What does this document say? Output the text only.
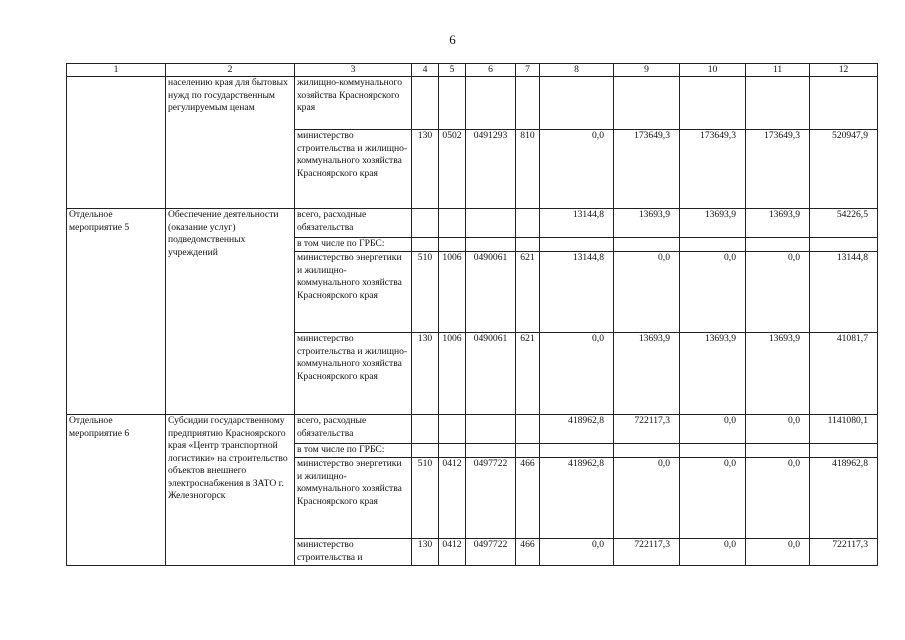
6
1	2	3	4	5	6	7	8	9	10	11	12
	населению края для бытовых нужд по государственным регулируемым ценам	жилищно-коммунального хозяйства Красноярского края									
		министерство строительства и жилищно-коммунального хозяйства Красноярского края	130	0502	0491293	810	0,0	173649,3	173649,3	173649,3	520947,9
Отдельное мероприятие 5	Обеспечение деятельности (оказание услуг) подведомственных учреждений	всего, расходные обязательства					13144,8	13693,9	13693,9	13693,9	54226,5
		в том числе по ГРБС:									
		министерство энергетики и жилищно-коммунального хозяйства Красноярского края	510	1006	0490061	621	13144,8	0,0	0,0	0,0	13144,8
		министерство строительства и жилищно-коммунального хозяйства Красноярского края	130	1006	0490061	621	0,0	13693,9	13693,9	13693,9	41081,7
Отдельное мероприятие 6	Субсидии государственному предприятию Красноярского края «Центр транспортной логистики» на строительство объектов внешнего электроснабжения в ЗАТО г. Железногорск	всего, расходные обязательства					418962,8	722117,3	0,0	0,0	1141080,1
		в том числе по ГРБС:									
		министерство энергетики и жилищно-коммунального хозяйства Красноярского края	510	0412	0497722	466	418962,8	0,0	0,0	0,0	418962,8
		министерство строительства и	130	0412	0497722	466	0,0	722117,3	0,0	0,0	722117,3
